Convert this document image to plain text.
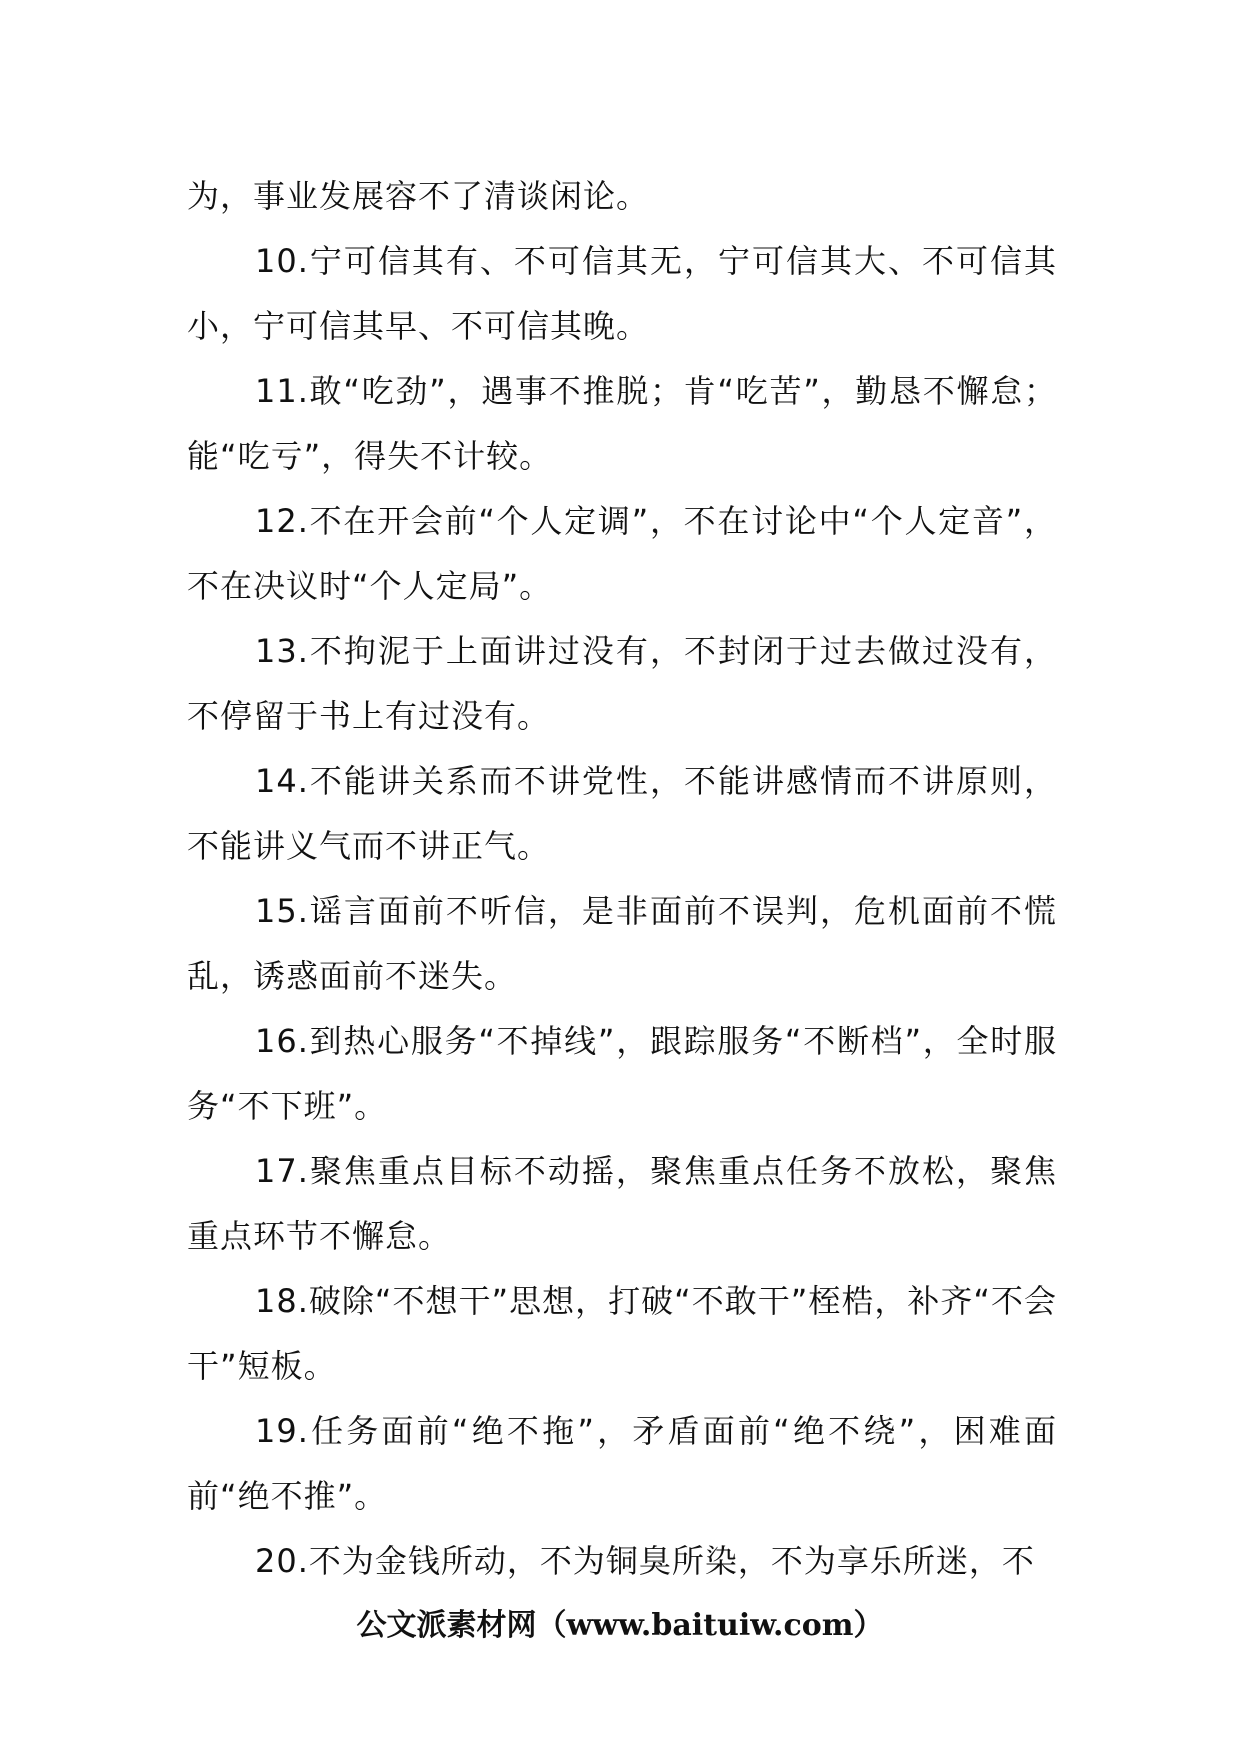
为，事业发展容不了清谈闲论。

10.宁可信其有、不可信其无，宁可信其大、不可信其小，宁可信其早、不可信其晚。

11.敢“吃劲”，遇事不推脱；肯“吃苦”，勤恳不懈怠；能“吃亏”，得失不计较。

12.不在开会前“个人定调”，不在讨论中“个人定音”，不在决议时“个人定局”。

13.不拘泥于上面讲过没有，不封闭于过去做过没有，不停留于书上有过没有。

14.不能讲关系而不讲党性，不能讲感情而不讲原则，不能讲义气而不讲正气。

15.谣言面前不听信，是非面前不误判，危机面前不慌乱，诱惑面前不迷失。

16.到热心服务“不掉线”，跟踪服务“不断档”，全时服务“不下班”。

17.聚焦重点目标不动摇，聚焦重点任务不放松，聚焦重点环节不懈怠。

18.破除“不想干”思想，打破“不敢干”桎梏，补齐“不会干”短板。

19.任务面前“绝不拖”，矛盾面前“绝不绕”，困难面前“绝不推”。

20.不为金钱所动，不为铜臭所染，不为享乐所迷，不

公文派素材网（www.baituiw.com）
